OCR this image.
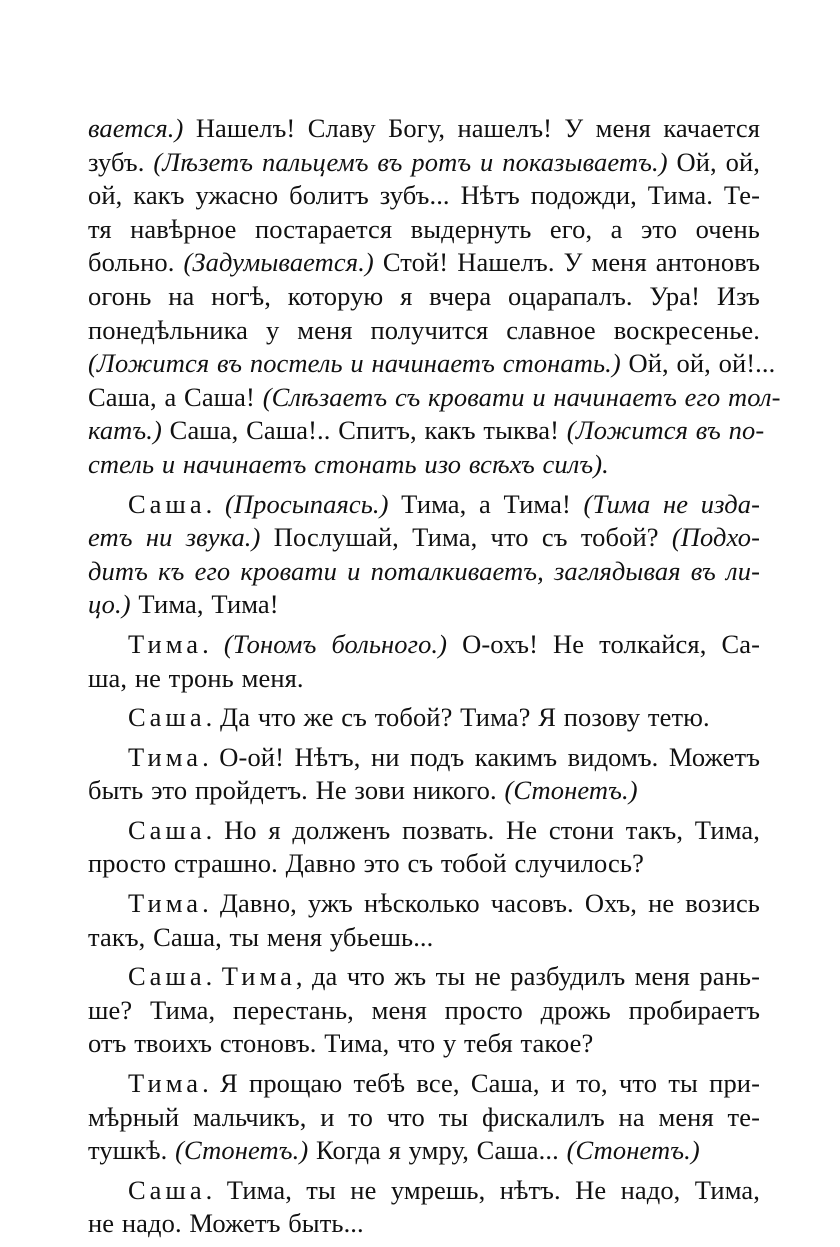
вается.) Нашелъ! Славу Богу, нашелъ! У меня качается
зубъ. (Лѣзетъ пальцемъ въ ротъ и показываетъ.) Ой, ой,
ой, какъ ужасно болитъ зубъ... Нѣтъ подожди, Тима. Те-
тя навѣрное постарается выдернуть его, а это очень
больно. (Задумывается.) Стой! Нашелъ. У меня антоновъ
огонь на ногѣ, которую я вчера оцарапалъ. Ура! Изъ
понедѣльника у меня получится славное воскресенье.
(Ложится въ постель и начинаетъ стонать.) Ой, ой, ой!...
Саша, а Саша! (Слѣзаетъ съ кровати и начинаетъ его тол-
катъ.) Саша, Саша!.. Спитъ, какъ тыква! (Ложится въ по-
стель и начинаетъ стонать изо всѣхъ силъ).
Саша. (Просыпаясь.) Тима, а Тима! (Тима не изда-
етъ ни звука.) Послушай, Тима, что съ тобой? (Подхо-
дитъ къ его кровати и поталкиваетъ, заглядывая въ ли-
цо.) Тима, Тима!
Тима. (Тономъ больного.) О-охъ! Не толкайся, Са-
ша, не тронь меня.
Саша. Да что же съ тобой? Тима? Я позову тетю.
Тима. О-ой! Нѣтъ, ни подъ какимъ видомъ. Можетъ
быть это пройдетъ. Не зови никого. (Стонетъ.)
Саша. Но я долженъ позвать. Не стони такъ, Тима,
просто страшно. Давно это съ тобой случилось?
Тима. Давно, ужъ нѣсколько часовъ. Охъ, не возись
такъ, Саша, ты меня убьешь...
Саша. Тима, да что жъ ты не разбудилъ меня рань-
ше? Тима, перестань, меня просто дрожь пробираетъ
отъ твоихъ стоновъ. Тима, что у тебя такое?
Тима. Я прощаю тебѣ все, Саша, и то, что ты при-
мѣрный мальчикъ, и то что ты фискалилъ на меня те-
тушкѣ. (Стонетъ.) Когда я умру, Саша... (Стонетъ.)
Саша. Тима, ты не умрешь, нѣтъ. Не надо, Тима,
не надо. Можетъ быть...
